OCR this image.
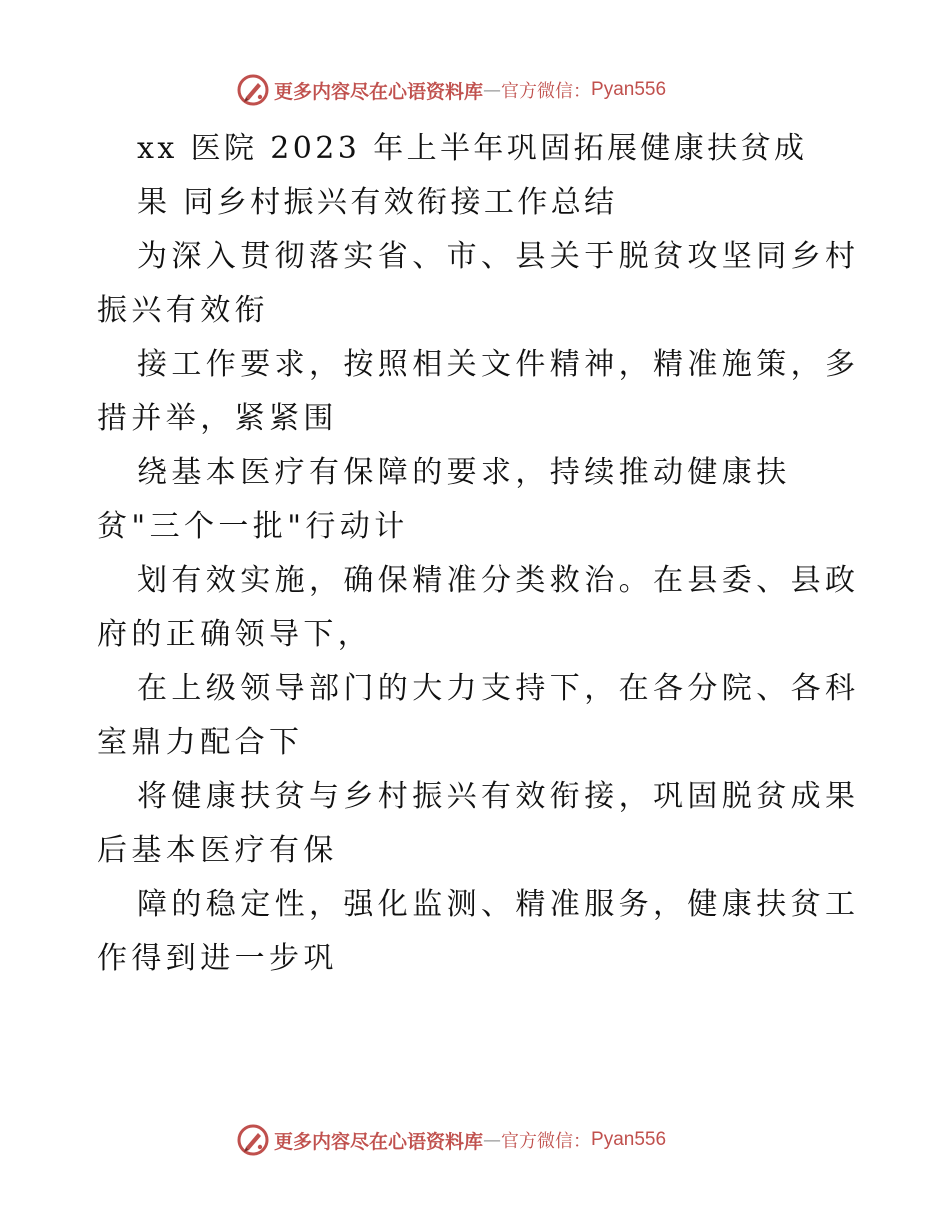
更多内容尽在心语资料库 — 官方微信： Pyan556
xx 医院 2023 年上半年巩固拓展健康扶贫成
果 同乡村振兴有效衔接工作总结
为深入贯彻落实省、市、县关于脱贫攻坚同乡村
振兴有效衔
接工作要求，按照相关文件精神，精准施策，多
措并举，紧紧围
绕基本医疗有保障的要求，持续推动健康扶
贫"三个一批"行动计
划有效实施，确保精准分类救治。在县委、县政
府的正确领导下，
在上级领导部门的大力支持下，在各分院、各科
室鼎力配合下
将健康扶贫与乡村振兴有效衔接，巩固脱贫成果
后基本医疗有保
障的稳定性，强化监测、精准服务，健康扶贫工
作得到进一步巩
更多内容尽在心语资料库 — 官方微信： Pyan556
